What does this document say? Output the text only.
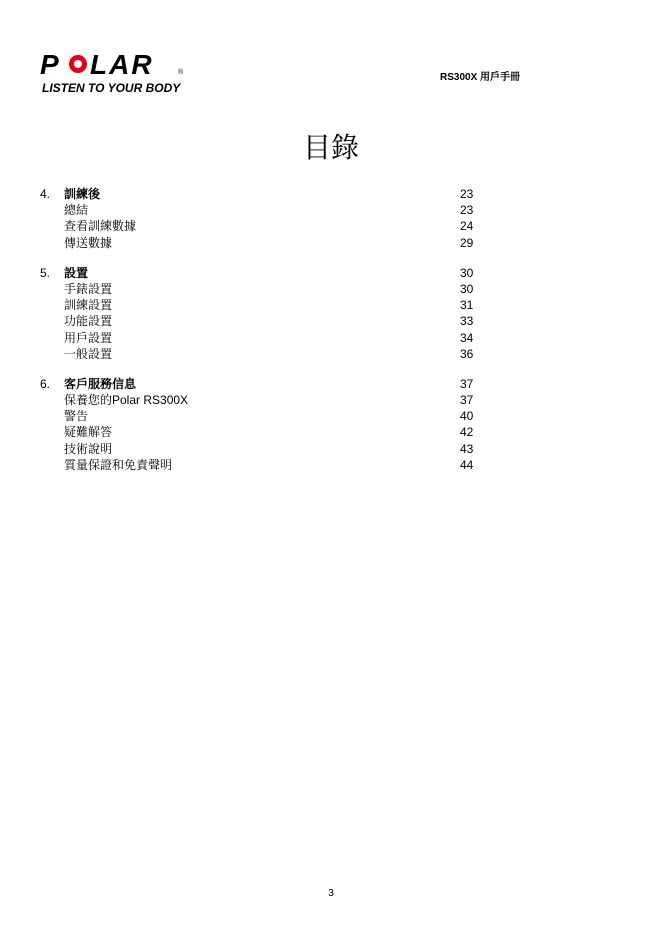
P LAR	®
LISTEN TO YOUR BODY
RS300X 用戶手冊
目錄
4.	訓練後	23
總結	23
查看訓練數據	24
傳送數據	29
5.	設置	30
手錶設置	30
訓練設置	31
功能設置	33
用戶設置	34
一般設置	36
6.	客戶服務信息	37
保養您的Polar RS300X	37
警告	40
疑難解答	42
技術說明	43
質量保證和免責聲明	44
3
